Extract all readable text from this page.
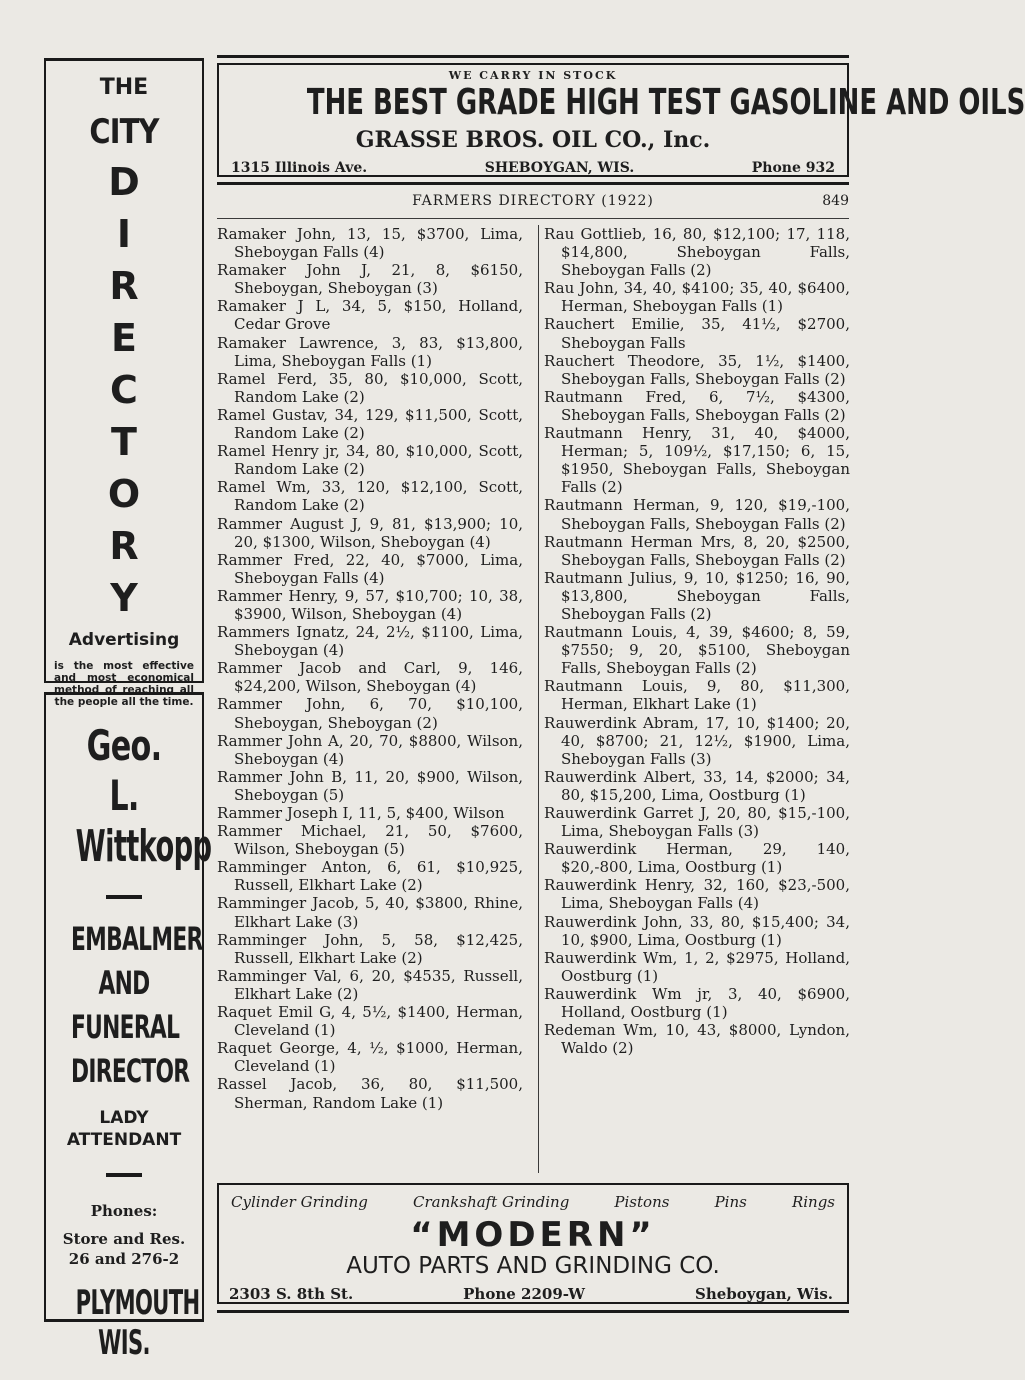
THE
CITY
D
I
R
E
C
T
O
R
Y
Advertising
is the most effective and most economical method of reaching all the people all the time.
Geo. L.
Wittkopp
EMBALMER
AND
FUNERAL
DIRECTOR
LADY
ATTENDANT
Phones:
Store and Res.
26 and 276-2
PLYMOUTH
WIS.
WE CARRY IN STOCK
THE BEST GRADE HIGH TEST GASOLINE AND OILS
GRASSE BROS. OIL CO., Inc.
1315 Illinois Ave.	SHEBOYGAN, WIS.	Phone 932
FARMERS DIRECTORY (1922)	849

Ramaker John, 13, 15, $3700, Lima, Sheboygan Falls (4)

Ramaker John J, 21, 8, $6150, Sheboygan, Sheboygan (3)

Ramaker J L, 34, 5, $150, Holland, Cedar Grove

Ramaker Lawrence, 3, 83, $13,800, Lima, Sheboygan Falls (1)

Ramel Ferd, 35, 80, $10,000, Scott, Random Lake (2)

Ramel Gustav, 34, 129, $11,500, Scott, Random Lake (2)

Ramel Henry jr, 34, 80, $10,000, Scott, Random Lake (2)

Ramel Wm, 33, 120, $12,100, Scott, Random Lake (2)

Rammer August J, 9, 81, $13,900; 10, 20, $1300, Wilson, Sheboygan (4)

Rammer Fred, 22, 40, $7000, Lima, Sheboygan Falls (4)

Rammer Henry, 9, 57, $10,700; 10, 38, $3900, Wilson, Sheboygan (4)

Rammers Ignatz, 24, 2½, $1100, Lima, Sheboygan (4)

Rammer Jacob and Carl, 9, 146, $24,200, Wilson, Sheboygan (4)

Rammer John, 6, 70, $10,100, Sheboygan, Sheboygan (2)

Rammer John A, 20, 70, $8800, Wilson, Sheboygan (4)

Rammer John B, 11, 20, $900, Wilson, Sheboygan (5)

Rammer Joseph I, 11, 5, $400, Wilson

Rammer Michael, 21, 50, $7600, Wilson, Sheboygan (5)

Ramminger Anton, 6, 61, $10,925, Russell, Elkhart Lake (2)

Ramminger Jacob, 5, 40, $3800, Rhine, Elkhart Lake (3)

Ramminger John, 5, 58, $12,425, Russell, Elkhart Lake (2)

Ramminger Val, 6, 20, $4535, Russell, Elkhart Lake (2)

Raquet Emil G, 4, 5½, $1400, Herman, Cleveland (1)

Raquet George, 4, ½, $1000, Herman, Cleveland (1)

Rassel Jacob, 36, 80, $11,500, Sherman, Random Lake (1)

Rau Gottlieb, 16, 80, $12,100; 17, 118, $14,800, Sheboygan Falls, Sheboygan Falls (2)

Rau John, 34, 40, $4100; 35, 40, $6400, Herman, Sheboygan Falls (1)

Rauchert Emilie, 35, 41½, $2700, Sheboygan Falls

Rauchert Theodore, 35, 1½, $1400, Sheboygan Falls, Sheboygan Falls (2)

Rautmann Fred, 6, 7½, $4300, Sheboygan Falls, Sheboygan Falls (2)

Rautmann Henry, 31, 40, $4000, Herman; 5, 109½, $17,150; 6, 15, $1950, Sheboygan Falls, Sheboygan Falls (2)

Rautmann Herman, 9, 120, $19,-100, Sheboygan Falls, Sheboygan Falls (2)

Rautmann Herman Mrs, 8, 20, $2500, Sheboygan Falls, Sheboygan Falls (2)

Rautmann Julius, 9, 10, $1250; 16, 90, $13,800, Sheboygan Falls, Sheboygan Falls (2)

Rautmann Louis, 4, 39, $4600; 8, 59, $7550; 9, 20, $5100, Sheboygan Falls, Sheboygan Falls (2)

Rautmann Louis, 9, 80, $11,300, Herman, Elkhart Lake (1)

Rauwerdink Abram, 17, 10, $1400; 20, 40, $8700; 21, 12½, $1900, Lima, Sheboygan Falls (3)

Rauwerdink Albert, 33, 14, $2000; 34, 80, $15,200, Lima, Oostburg (1)

Rauwerdink Garret J, 20, 80, $15,-100, Lima, Sheboygan Falls (3)

Rauwerdink Herman, 29, 140, $20,-800, Lima, Oostburg (1)

Rauwerdink Henry, 32, 160, $23,-500, Lima, Sheboygan Falls (4)

Rauwerdink John, 33, 80, $15,400; 34, 10, $900, Lima, Oostburg (1)

Rauwerdink Wm, 1, 2, $2975, Holland, Oostburg (1)

Rauwerdink Wm jr, 3, 40, $6900, Holland, Oostburg (1)

Redeman Wm, 10, 43, $8000, Lyndon, Waldo (2)

Cylinder Grinding	Crankshaft Grinding	Pistons	Pins	Rings
“MODERN”
AUTO PARTS AND GRINDING CO.
2303 S. 8th St.	Phone 2209-W	Sheboygan, Wis.
